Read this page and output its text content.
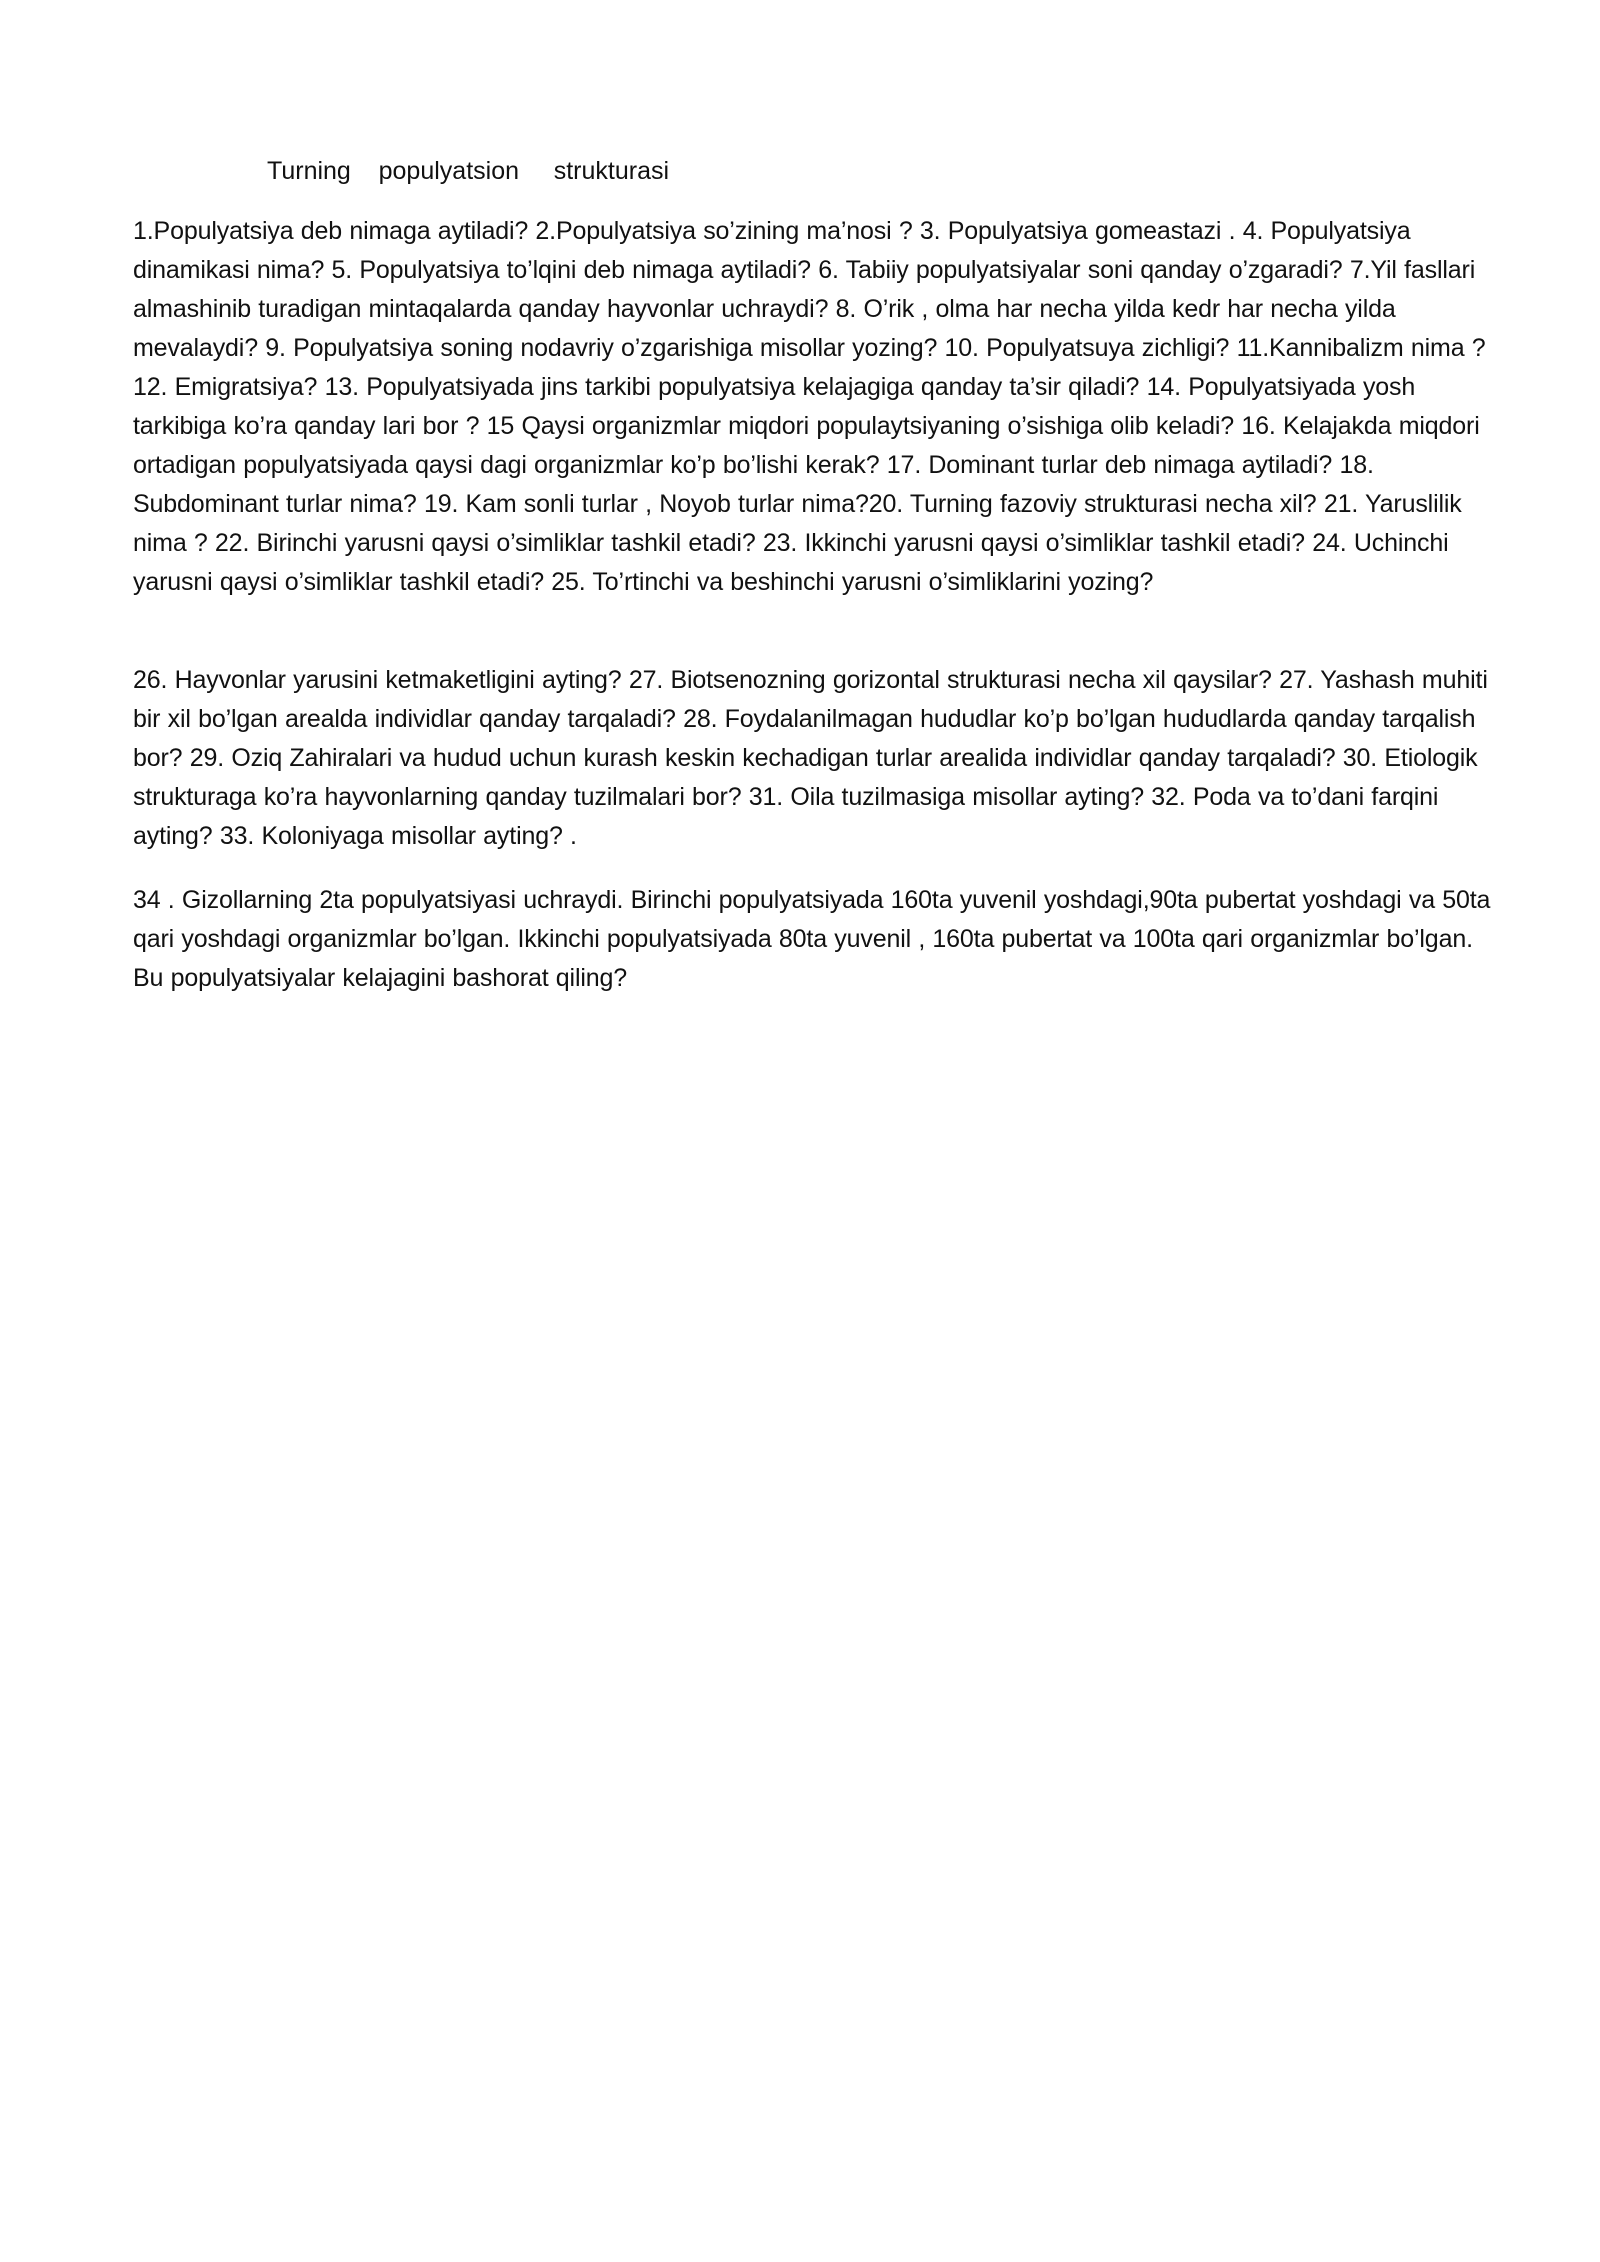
Turning    populyatsion     strukturasi

1.Populyatsiya deb nimaga aytiladi? 2.Populyatsiya so’zining ma’nosi ? 3. Populyatsiya gomeastazi . 4. Populyatsiya dinamikasi nima? 5. Populyatsiya to’lqini deb nimaga aytiladi? 6. Tabiiy populyatsiyalar soni qanday o’zgaradi? 7.Yil fasllari almashinib turadigan mintaqalarda qanday hayvonlar uchraydi? 8. O’rik , olma har necha yilda kedr har necha yilda mevalaydi? 9. Populyatsiya soning nodavriy o’zgarishiga misollar yozing? 10. Populyatsuya zichligi? 11.Kannibalizm nima ? 12. Emigratsiya? 13. Populyatsiyada jins tarkibi populyatsiya kelajagiga qanday ta’sir qiladi? 14. Populyatsiyada yosh tarkibiga ko’ra qanday lari bor ? 15 Qaysi organizmlar miqdori populaytsiyaning o’sishiga olib keladi? 16. Kelajakda miqdori ortadigan populyatsiyada qaysi dagi organizmlar ko’p bo’lishi kerak? 17. Dominant turlar deb nimaga aytiladi? 18. Subdominant turlar nima? 19. Kam sonli turlar , Noyob turlar nima?20. Turning fazoviy strukturasi necha xil? 21. Yaruslilik nima ? 22. Birinchi yarusni qaysi o’simliklar tashkil etadi? 23. Ikkinchi yarusni qaysi o’simliklar tashkil etadi? 24. Uchinchi yarusni qaysi o’simliklar tashkil etadi? 25. To’rtinchi va beshinchi yarusni o’simliklarini yozing?

26. Hayvonlar yarusini ketmaketligini ayting? 27. Biotsenozning gorizontal strukturasi necha xil qaysilar? 27. Yashash muhiti bir xil bo’lgan arealda individlar qanday tarqaladi? 28. Foydalanilmagan hududlar ko’p bo’lgan hududlarda qanday tarqalish bor? 29. Oziq Zahiralari va hudud uchun kurash keskin kechadigan turlar arealida individlar qanday tarqaladi? 30. Etiologik strukturaga ko’ra hayvonlarning qanday tuzilmalari bor? 31. Oila tuzilmasiga misollar ayting? 32. Poda va to’dani farqini ayting? 33. Koloniyaga misollar ayting? .

34 . Gizollarning 2ta populyatsiyasi uchraydi. Birinchi populyatsiyada 160ta yuvenil yoshdagi,90ta pubertat yoshdagi va 50ta qari yoshdagi organizmlar bo’lgan. Ikkinchi populyatsiyada 80ta yuvenil , 160ta pubertat va 100ta qari organizmlar bo’lgan. Bu populyatsiyalar kelajagini bashorat qiling?
